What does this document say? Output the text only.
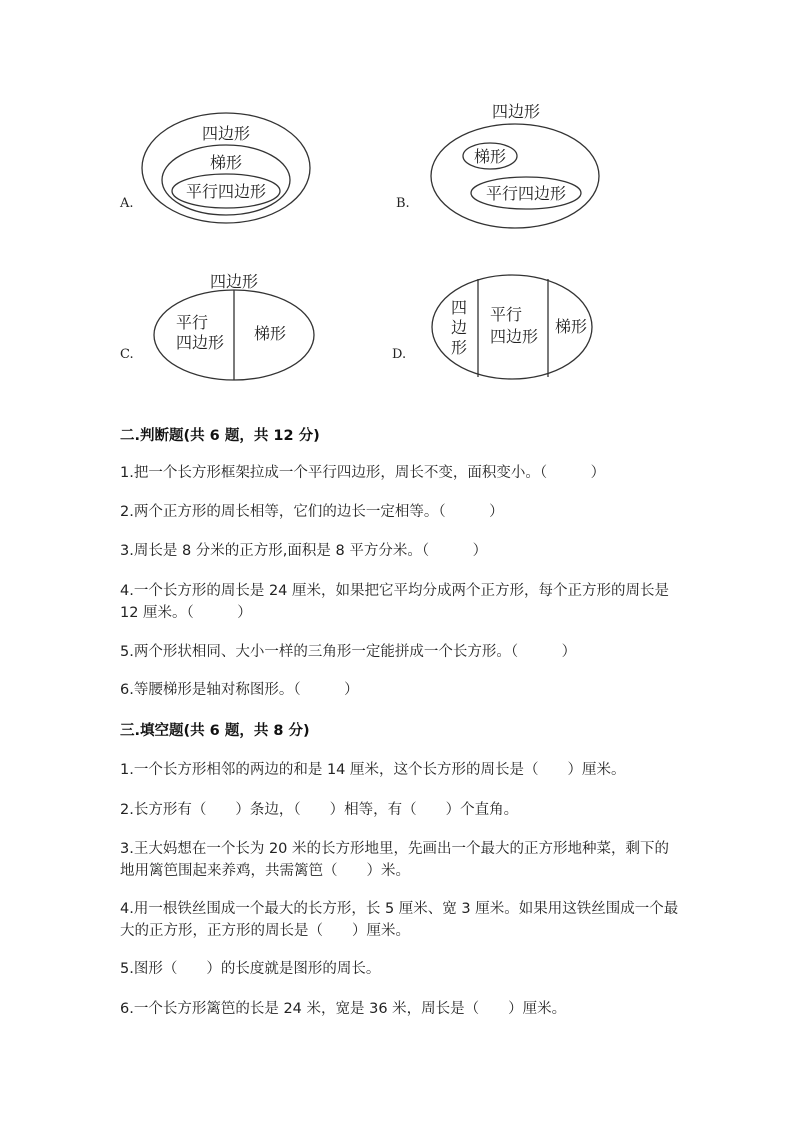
四边形
梯形
平行四边形
四边形
梯形
平行四边形
四边形
平行
四边形 梯形
四
边
形
平行
四边形
梯形
A.	B.
C.	D.
二.判断题(共 6 题，共 12 分)
1.把一个长方形框架拉成一个平行四边形，周长不变，面积变小。（　　　）
2.两个正方形的周长相等，它们的边长一定相等。（　　　）
3.周长是 8 分米的正方形,面积是 8 平方分米。（　　　）
4.一个长方形的周长是 24 厘米，如果把它平均分成两个正方形，每个正方形的周长是 12 厘米。（　　　）
5.两个形状相同、大小一样的三角形一定能拼成一个长方形。（　　　）
6.等腰梯形是轴对称图形。（　　　）
三.填空题(共 6 题，共 8 分)
1.一个长方形相邻的两边的和是 14 厘米，这个长方形的周长是（　　）厘米。
2.长方形有（　　）条边，（　　）相等，有（　　）个直角。
3.王大妈想在一个长为 20 米的长方形地里，先画出一个最大的正方形地种菜，剩下的地用篱笆围起来养鸡，共需篱笆（　　）米。
4.用一根铁丝围成一个最大的长方形，长 5 厘米、宽 3 厘米。如果用这铁丝围成一个最大的正方形，正方形的周长是（　　）厘米。
5.图形（　　）的长度就是图形的周长。
6.一个长方形篱笆的长是 24 米，宽是 36 米，周长是（　　）厘米。
